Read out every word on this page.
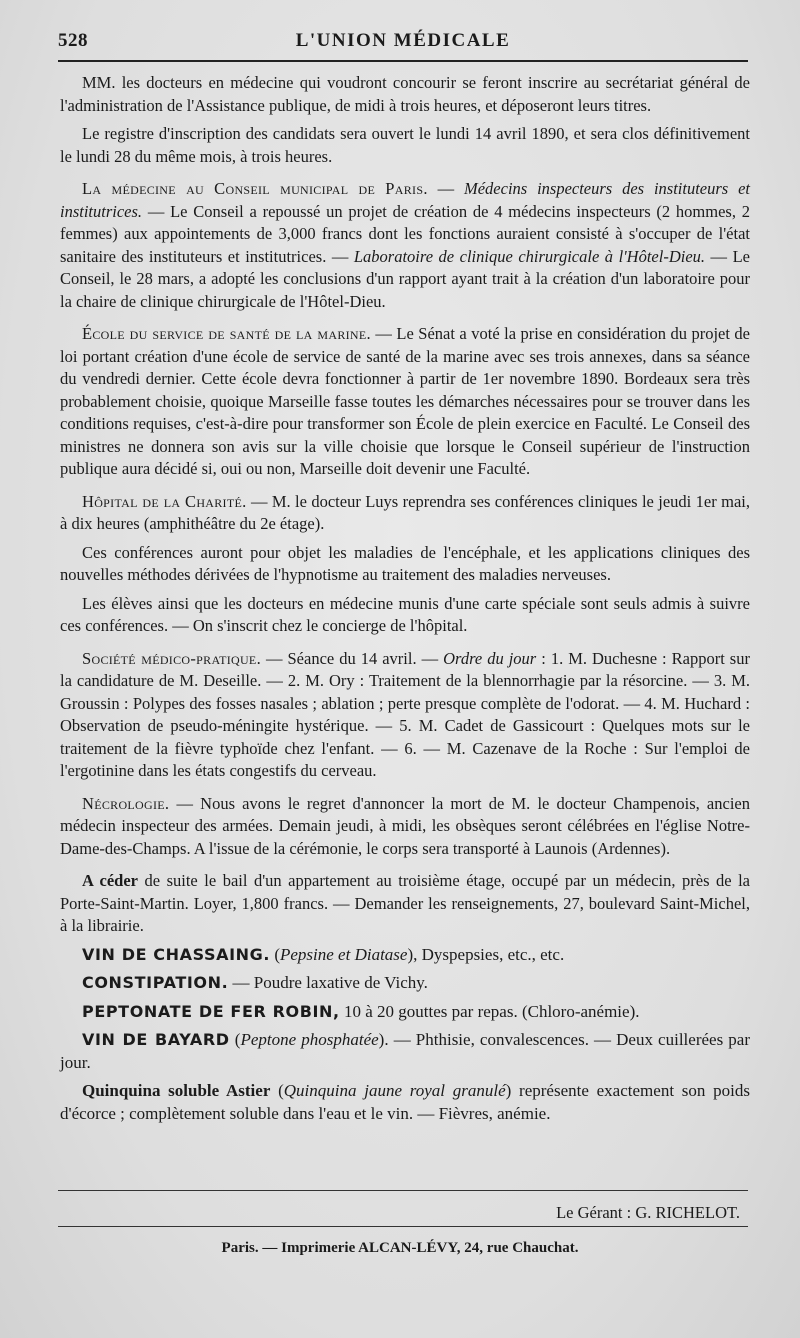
528	L'UNION MÉDICALE

MM. les docteurs en médecine qui voudront concourir se feront inscrire au secrétariat général de l'administration de l'Assistance publique, de midi à trois heures, et déposeront leurs titres.

Le registre d'inscription des candidats sera ouvert le lundi 14 avril 1890, et sera clos définitivement le lundi 28 du même mois, à trois heures.

La médecine au Conseil municipal de Paris. — Médecins inspecteurs des instituteurs et institutrices. — Le Conseil a repoussé un projet de création de 4 médecins inspecteurs (2 hommes, 2 femmes) aux appointements de 3,000 francs dont les fonctions auraient consisté à s'occuper de l'état sanitaire des instituteurs et institutrices. — Laboratoire de clinique chirurgicale à l'Hôtel-Dieu. — Le Conseil, le 28 mars, a adopté les conclusions d'un rapport ayant trait à la création d'un laboratoire pour la chaire de clinique chirurgicale de l'Hôtel-Dieu.

École du service de santé de la marine. — Le Sénat a voté la prise en considération du projet de loi portant création d'une école de service de santé de la marine avec ses trois annexes, dans sa séance du vendredi dernier. Cette école devra fonctionner à partir de 1er novembre 1890. Bordeaux sera très probablement choisie, quoique Marseille fasse toutes les démarches nécessaires pour se trouver dans les conditions requises, c'est-à-dire pour transformer son École de plein exercice en Faculté. Le Conseil des ministres ne donnera son avis sur la ville choisie que lorsque le Conseil supérieur de l'instruction publique aura décidé si, oui ou non, Marseille doit devenir une Faculté.

Hôpital de la Charité. — M. le docteur Luys reprendra ses conférences cliniques le jeudi 1er mai, à dix heures (amphithéâtre du 2e étage).

Ces conférences auront pour objet les maladies de l'encéphale, et les applications cliniques des nouvelles méthodes dérivées de l'hypnotisme au traitement des maladies nerveuses.

Les élèves ainsi que les docteurs en médecine munis d'une carte spéciale sont seuls admis à suivre ces conférences. — On s'inscrit chez le concierge de l'hôpital.

Société médico-pratique. — Séance du 14 avril. — Ordre du jour : 1. M. Duchesne : Rapport sur la candidature de M. Deseille. — 2. M. Ory : Traitement de la blennorrhagie par la résorcine. — 3. M. Groussin : Polypes des fosses nasales ; ablation ; perte presque complète de l'odorat. — 4. M. Huchard : Observation de pseudo-méningite hystérique. — 5. M. Cadet de Gassicourt : Quelques mots sur le traitement de la fièvre typhoïde chez l'enfant. — 6. — M. Cazenave de la Roche : Sur l'emploi de l'ergotinine dans les états congestifs du cerveau.

Nécrologie. — Nous avons le regret d'annoncer la mort de M. le docteur Champenois, ancien médecin inspecteur des armées. Demain jeudi, à midi, les obsèques seront célébrées en l'église Notre-Dame-des-Champs. A l'issue de la cérémonie, le corps sera transporté à Launois (Ardennes).

A céder de suite le bail d'un appartement au troisième étage, occupé par un médecin, près de la Porte-Saint-Martin. Loyer, 1,800 francs. — Demander les renseignements, 27, boulevard Saint-Michel, à la librairie.

VIN DE CHASSAING. (Pepsine et Diatase), Dyspepsies, etc., etc.

CONSTIPATION. — Poudre laxative de Vichy.

PEPTONATE DE FER ROBIN, 10 à 20 gouttes par repas. (Chloro-anémie).

VIN DE BAYARD (Peptone phosphatée). — Phthisie, convalescences. — Deux cuillerées par jour.

Quinquina soluble Astier (Quinquina jaune royal granulé) représente exactement son poids d'écorce ; complètement soluble dans l'eau et le vin. — Fièvres, anémie.

Le Gérant : G. RICHELOT.
Paris. — Imprimerie ALCAN-LÉVY, 24, rue Chauchat.
